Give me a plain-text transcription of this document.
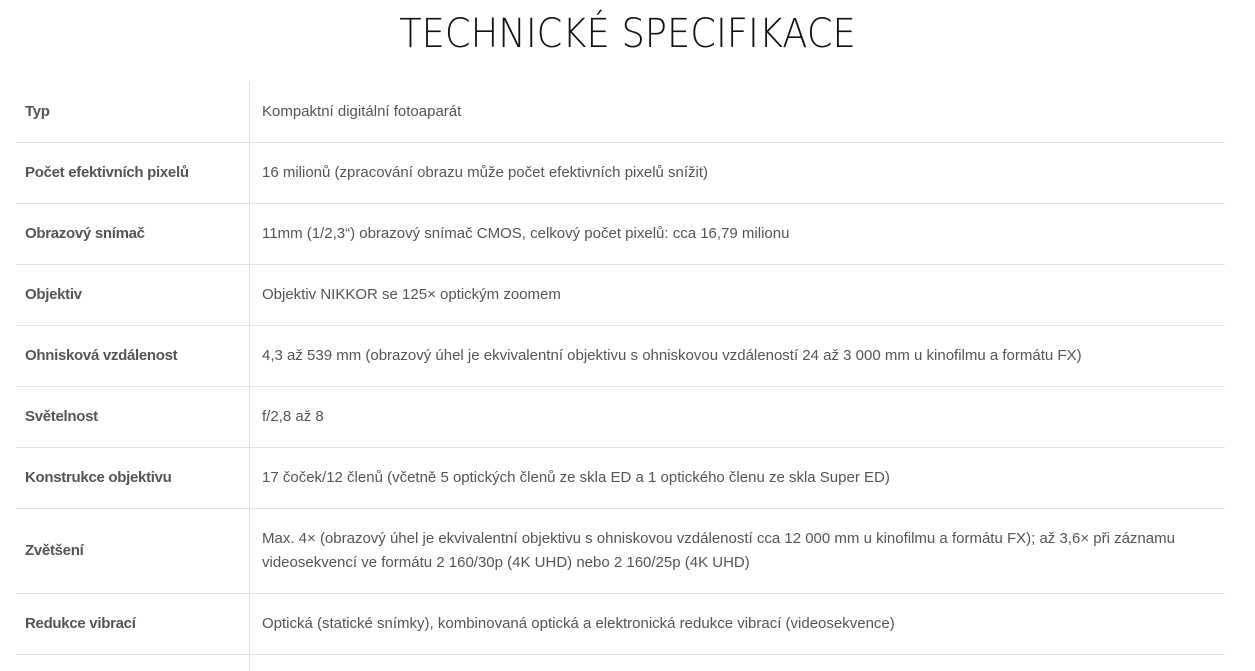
TECHNICKÉ SPECIFIKACE
Typ	Kompaktní digitální fotoaparát
Počet efektivních pixelů	16 milionů (zpracování obrazu může počet efektivních pixelů snížit)
Obrazový snímač	11mm (1/2,3“) obrazový snímač CMOS, celkový počet pixelů: cca 16,79 milionu
Objektiv	Objektiv NIKKOR se 125× optickým zoomem
Ohnisková vzdálenost	4,3 až 539 mm (obrazový úhel je ekvivalentní objektivu s ohniskovou vzdáleností 24 až 3 000 mm u kinofilmu a formátu FX)
Světelnost	f/2,8 až 8
Konstrukce objektivu	17 čoček/12 členů (včetně 5 optických členů ze skla ED a 1 optického členu ze skla Super ED)
Zvětšení	Max. 4× (obrazový úhel je ekvivalentní objektivu s ohniskovou vzdáleností cca 12 000 mm u kinofilmu a formátu FX); až 3,6× při záznamu videosekvencí ve formátu 2 160/30p (4K UHD) nebo 2 160/25p (4K UHD)
Redukce vibrací	Optická (statické snímky), kombinovaná optická a elektronická redukce vibrací (videosekvence)
